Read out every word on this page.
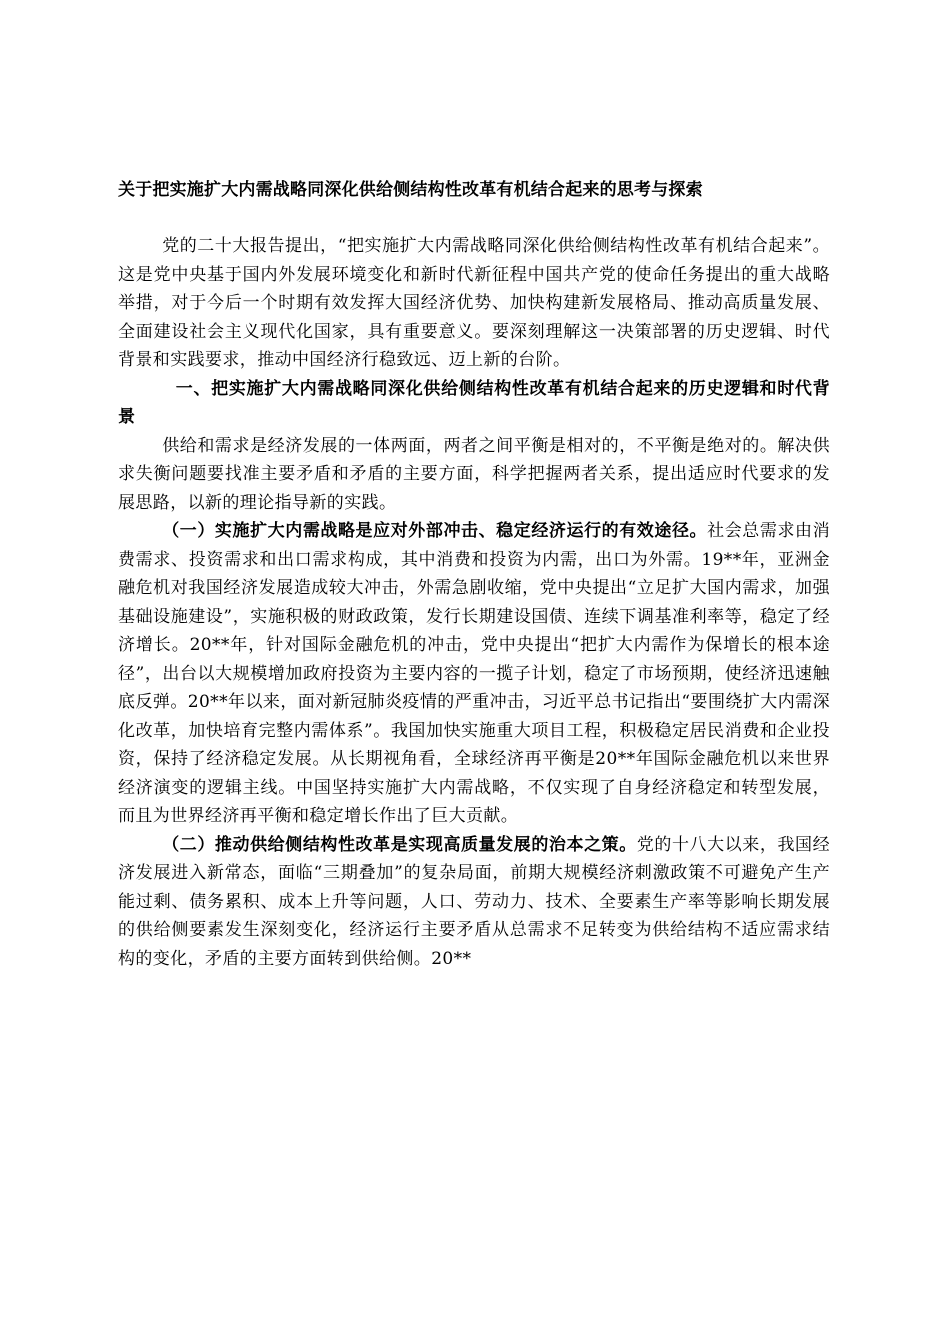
关于把实施扩大内需战略同深化供给侧结构性改革有机结合起来的思考与探索

党的二十大报告提出，“把实施扩大内需战略同深化供给侧结构性改革有机结合起来”。这是党中央基于国内外发展环境变化和新时代新征程中国共产党的使命任务提出的重大战略举措，对于今后一个时期有效发挥大国经济优势、加快构建新发展格局、推动高质量发展、全面建设社会主义现代化国家，具有重要意义。要深刻理解这一决策部署的历史逻辑、时代背景和实践要求，推动中国经济行稳致远、迈上新的台阶。

一、把实施扩大内需战略同深化供给侧结构性改革有机结合起来的历史逻辑和时代背景

供给和需求是经济发展的一体两面，两者之间平衡是相对的，不平衡是绝对的。解决供求失衡问题要找准主要矛盾和矛盾的主要方面，科学把握两者关系，提出适应时代要求的发展思路，以新的理论指导新的实践。

（一）实施扩大内需战略是应对外部冲击、稳定经济运行的有效途径。社会总需求由消费需求、投资需求和出口需求构成，其中消费和投资为内需，出口为外需。19**年，亚洲金融危机对我国经济发展造成较大冲击，外需急剧收缩，党中央提出“立足扩大国内需求，加强基础设施建设”，实施积极的财政政策，发行长期建设国债、连续下调基准利率等，稳定了经济增长。20**年，针对国际金融危机的冲击，党中央提出“把扩大内需作为保增长的根本途径”，出台以大规模增加政府投资为主要内容的一揽子计划，稳定了市场预期，使经济迅速触底反弹。20**年以来，面对新冠肺炎疫情的严重冲击，习近平总书记指出“要围绕扩大内需深化改革，加快培育完整内需体系”。我国加快实施重大项目工程，积极稳定居民消费和企业投资，保持了经济稳定发展。从长期视角看，全球经济再平衡是20**年国际金融危机以来世界经济演变的逻辑主线。中国坚持实施扩大内需战略，不仅实现了自身经济稳定和转型发展，而且为世界经济再平衡和稳定增长作出了巨大贡献。

（二）推动供给侧结构性改革是实现高质量发展的治本之策。党的十八大以来，我国经济发展进入新常态，面临“三期叠加”的复杂局面，前期大规模经济刺激政策不可避免产生产能过剩、债务累积、成本上升等问题，人口、劳动力、技术、全要素生产率等影响长期发展的供给侧要素发生深刻变化，经济运行主要矛盾从总需求不足转变为供给结构不适应需求结构的变化，矛盾的主要方面转到供给侧。20**
